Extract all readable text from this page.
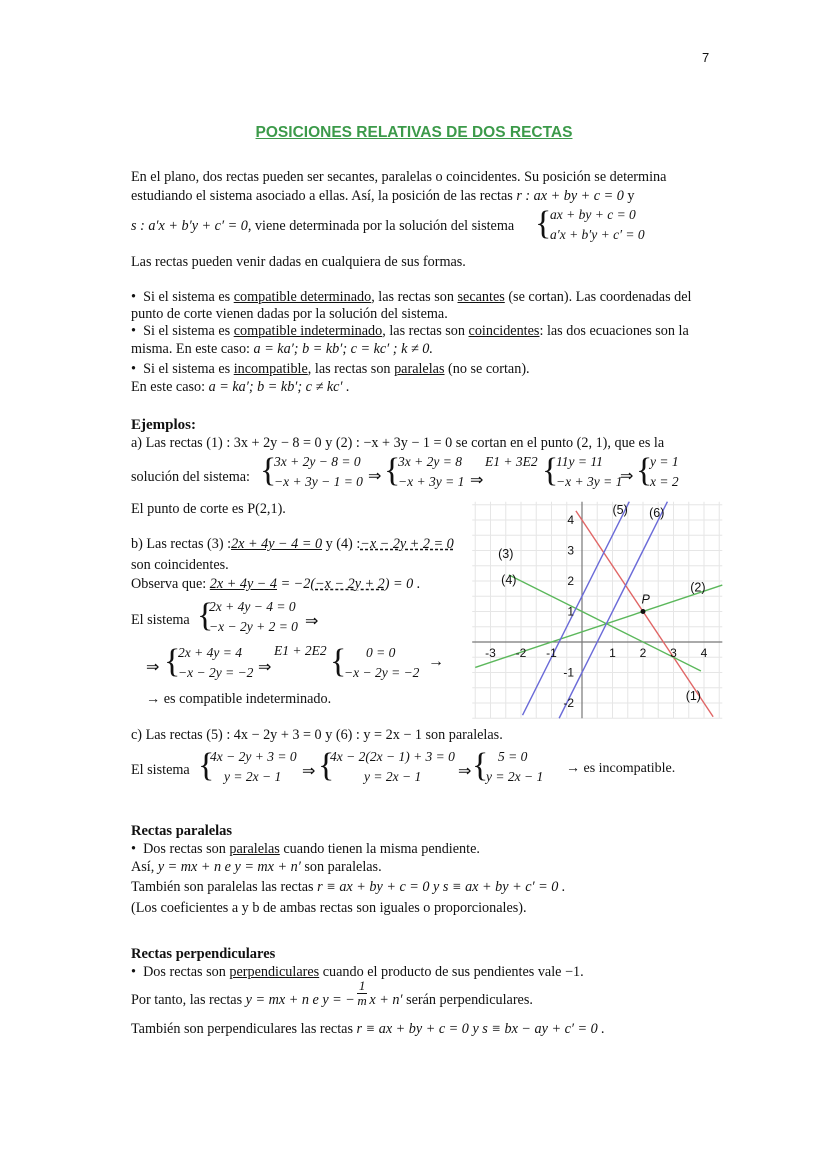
7
POSICIONES RELATIVAS DE DOS RECTAS
En el plano, dos rectas pueden ser secantes, paralelas o coincidentes. Su posición se determina
estudiando el sistema asociado a ellas. Así, la posición de las rectas r : ax + by + c = 0 y
s : a′x + b′y + c′ = 0, viene determinada por la solución del sistema {
ax + by + c = 0
a′x + b′y + c′ = 0
Las rectas pueden venir dadas en cualquiera de sus formas.
•  Si el sistema es compatible determinado, las rectas son secantes (se cortan). Las coordenadas del
punto de corte vienen dadas por la solución del sistema.
•  Si el sistema es compatible indeterminado, las rectas son coincidentes: las dos ecuaciones son la
misma. En este caso: a = ka′; b = kb′; c = kc′ ; k ≠ 0.
•  Si el sistema es incompatible, las rectas son paralelas (no se cortan).
En este caso: a = ka′; b = kb′; c ≠ kc′ .
Ejemplos:
a) Las rectas (1) : 3x + 2y − 8 = 0 y (2) : −x + 3y − 1 = 0 se cortan en el punto (2, 1), que es la
solución del sistema: {
3x + 2y − 8 = 0
−x + 3y − 1 = 0 ⇒ {
3x + 2y = 8
−x + 3y = 1 ⇒
E1 + 3E2 {
11y = 11
−x + 3y = 1
⇒ {
y = 1
x = 2
El punto de corte es P(2,1).
b) Las rectas (3) :2x + 4y − 4 = 0 y (4) :−x − 2y + 2 = 0
son coincidentes.
Observa que: 2x + 4y − 4 = −2(−x − 2y + 2) = 0 .
El sistema {
2x + 4y − 4 = 0
−x − 2y + 2 = 0 ⇒
⇒ {
2x + 4y = 4
−x − 2y = −2 ⇒
E1 + 2E2 {	0 = 0
−x − 2y = −2
→
→ es compatible indeterminado.
-3 -2 -1	1 2 3 4
4
3
2
1
-1
-2
(5) (6)
(3)
(4)
(2)
(1)
P
c) Las rectas (5) : 4x − 2y + 3 = 0 y (6) : y = 2x − 1 son paralelas.
El sistema {
4x − 2y + 3 = 0
y = 2x − 1	⇒ {
4x − 2(2x − 1) + 3 = 0
y = 2x − 1	⇒ { 5 = 0
y = 2x − 1
→ es incompatible.
Rectas paralelas
•  Dos rectas son paralelas cuando tienen la misma pendiente.
Así, y = mx + n e y = mx + n′ son paralelas.
También son paralelas las rectas r ≡ ax + by + c = 0 y s ≡ ax + by + c′ = 0 .
(Los coeficientes a y b de ambas rectas son iguales o proporcionales).
Rectas perpendiculares
•  Dos rectas son perpendiculares cuando el producto de sus pendientes vale −1.
Por tanto, las rectas y = mx + n e y = − $\frac{1}{m}$ x + n′ serán perpendiculares.
También son perpendiculares las rectas r ≡ ax + by + c = 0 y s ≡ bx − ay + c′ = 0 .
